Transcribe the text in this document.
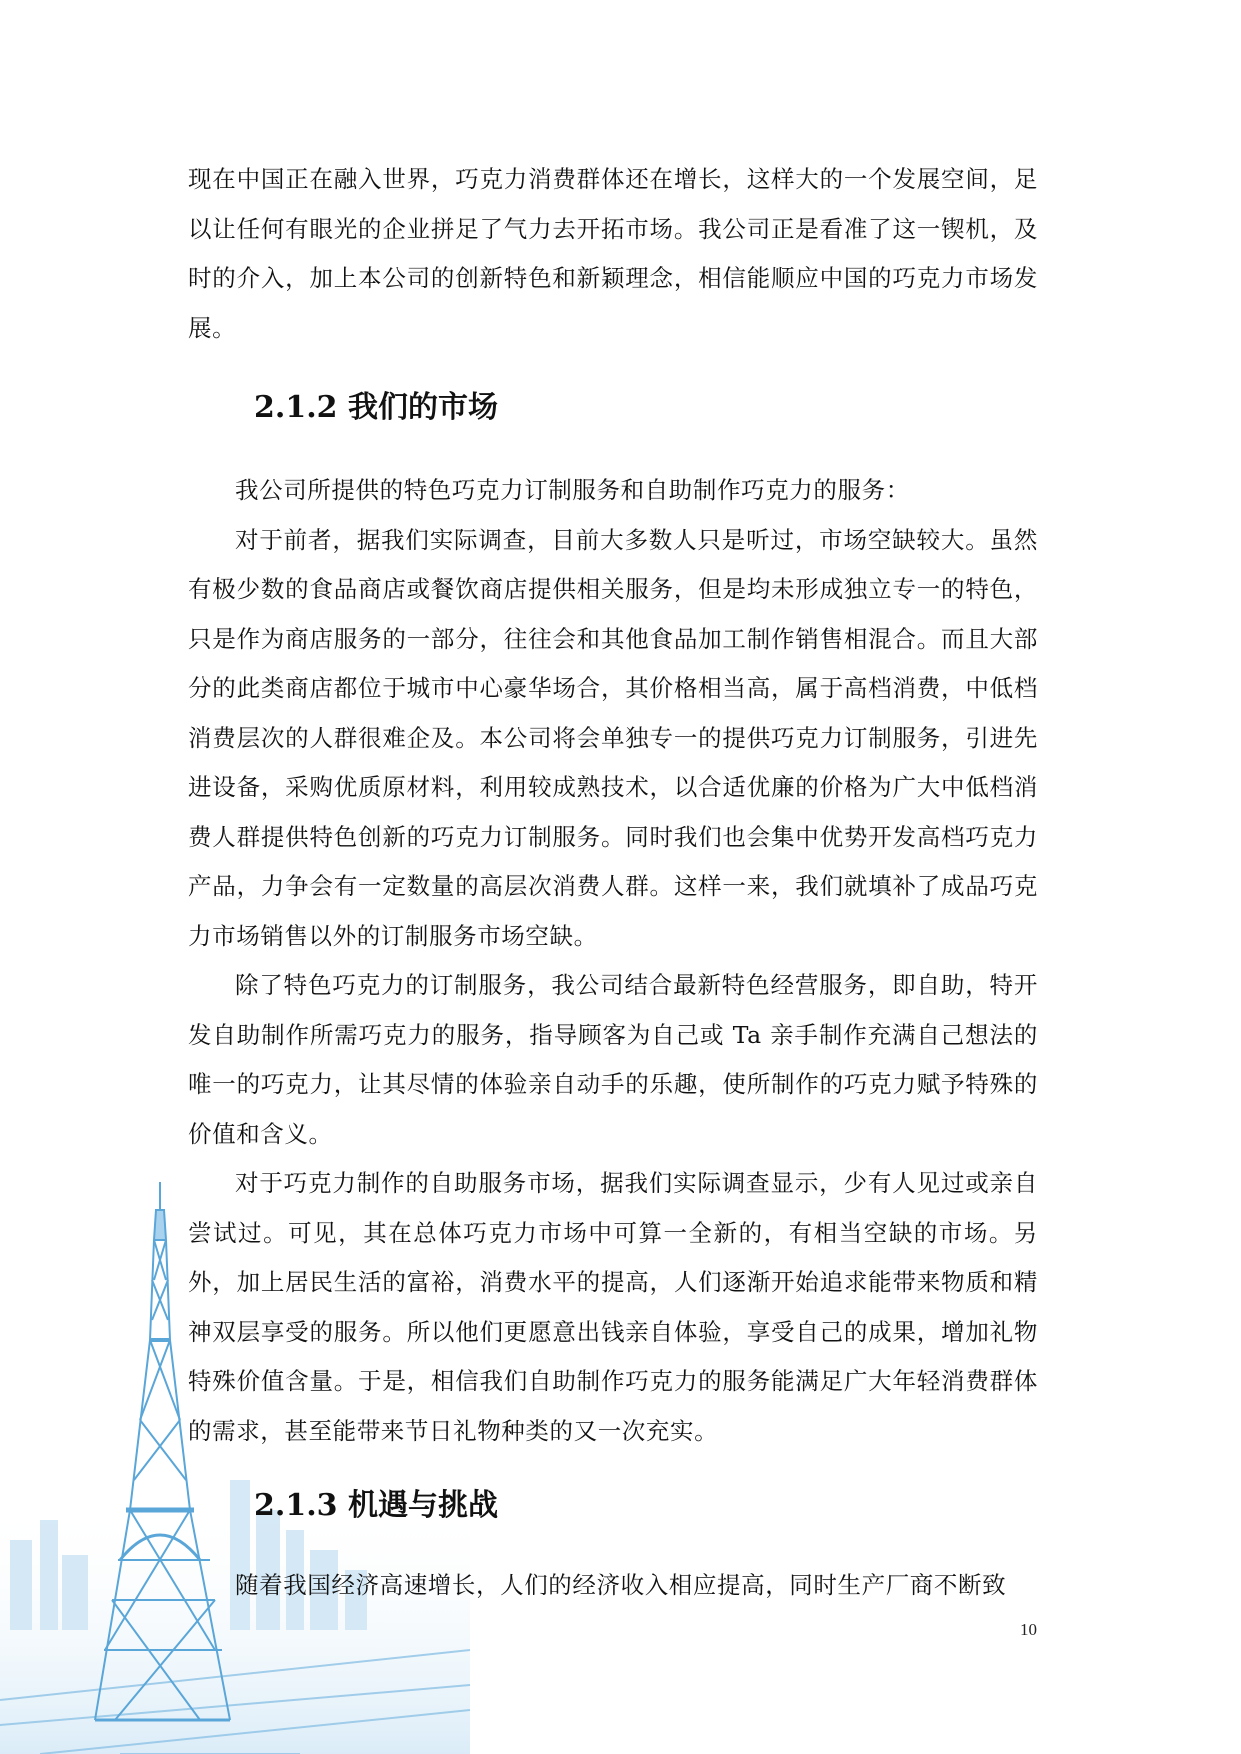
现在中国正在融入世界，巧克力消费群体还在增长，这样大的一个发展空间，足以让任何有眼光的企业拼足了气力去开拓市场。我公司正是看准了这一锲机，及时的介入，加上本公司的创新特色和新颖理念，相信能顺应中国的巧克力市场发展。

2.1.2 我们的市场

我公司所提供的特色巧克力订制服务和自助制作巧克力的服务：

对于前者，据我们实际调查，目前大多数人只是听过，市场空缺较大。虽然有极少数的食品商店或餐饮商店提供相关服务，但是均未形成独立专一的特色，只是作为商店服务的一部分，往往会和其他食品加工制作销售相混合。而且大部分的此类商店都位于城市中心豪华场合，其价格相当高，属于高档消费，中低档消费层次的人群很难企及。本公司将会单独专一的提供巧克力订制服务，引进先进设备，采购优质原材料，利用较成熟技术，以合适优廉的价格为广大中低档消费人群提供特色创新的巧克力订制服务。同时我们也会集中优势开发高档巧克力产品，力争会有一定数量的高层次消费人群。这样一来，我们就填补了成品巧克力市场销售以外的订制服务市场空缺。

除了特色巧克力的订制服务，我公司结合最新特色经营服务，即自助，特开发自助制作所需巧克力的服务，指导顾客为自己或 Ta 亲手制作充满自己想法的唯一的巧克力，让其尽情的体验亲自动手的乐趣，使所制作的巧克力赋予特殊的价值和含义。

对于巧克力制作的自助服务市场，据我们实际调查显示，少有人见过或亲自尝试过。可见，其在总体巧克力市场中可算一全新的，有相当空缺的市场。另外，加上居民生活的富裕，消费水平的提高，人们逐渐开始追求能带来物质和精神双层享受的服务。所以他们更愿意出钱亲自体验，享受自己的成果，增加礼物特殊价值含量。于是，相信我们自助制作巧克力的服务能满足广大年轻消费群体的需求，甚至能带来节日礼物种类的又一次充实。

2.1.3 机遇与挑战

随着我国经济高速增长，人们的经济收入相应提高，同时生产厂商不断致

10
